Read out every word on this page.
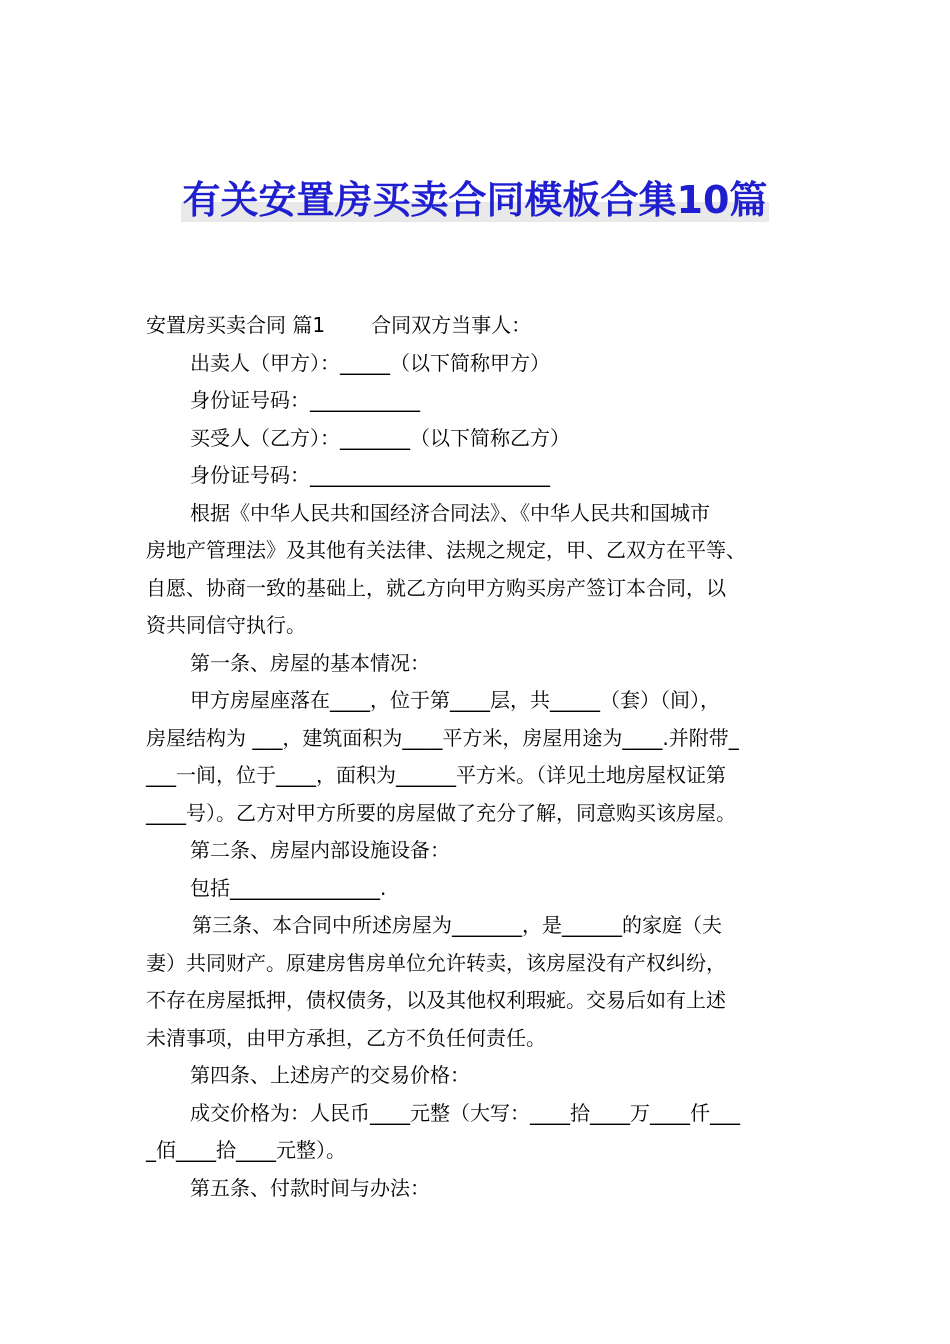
有关安置房买卖合同模板合集10篇

安置房买卖合同 篇1 合同双方当事人：

出卖人（甲方）：_____（以下简称甲方）

身份证号码：___________

买受人（乙方）：_______（以下简称乙方）

身份证号码：________________________

根据《中华人民共和国经济合同法》、《中华人民共和国城市

房地产管理法》及其他有关法律、法规之规定，甲、乙双方在平等、

自愿、协商一致的基础上，就乙方向甲方购买房产签订本合同，以

资共同信守执行。

第一条、房屋的基本情况：

甲方房屋座落在____，位于第____层，共_____（套）（间），

房屋结构为 ___，建筑面积为____平方米，房屋用途为____.并附带_

___一间，位于____，面积为______平方米。（详见土地房屋权证第

____号）。乙方对甲方所要的房屋做了充分了解，同意购买该房屋。

第二条、房屋内部设施设备：

包括_______________.

第三条、本合同中所述房屋为_______，是______的家庭（夫

妻）共同财产。原建房售房单位允许转卖，该房屋没有产权纠纷，

不存在房屋抵押，债权债务，以及其他权利瑕疵。交易后如有上述

未清事项，由甲方承担，乙方不负任何责任。

第四条、上述房产的交易价格：

成交价格为：人民币____元整（大写：____拾____万____仟___

_佰____拾____元整）。

第五条、付款时间与办法：
